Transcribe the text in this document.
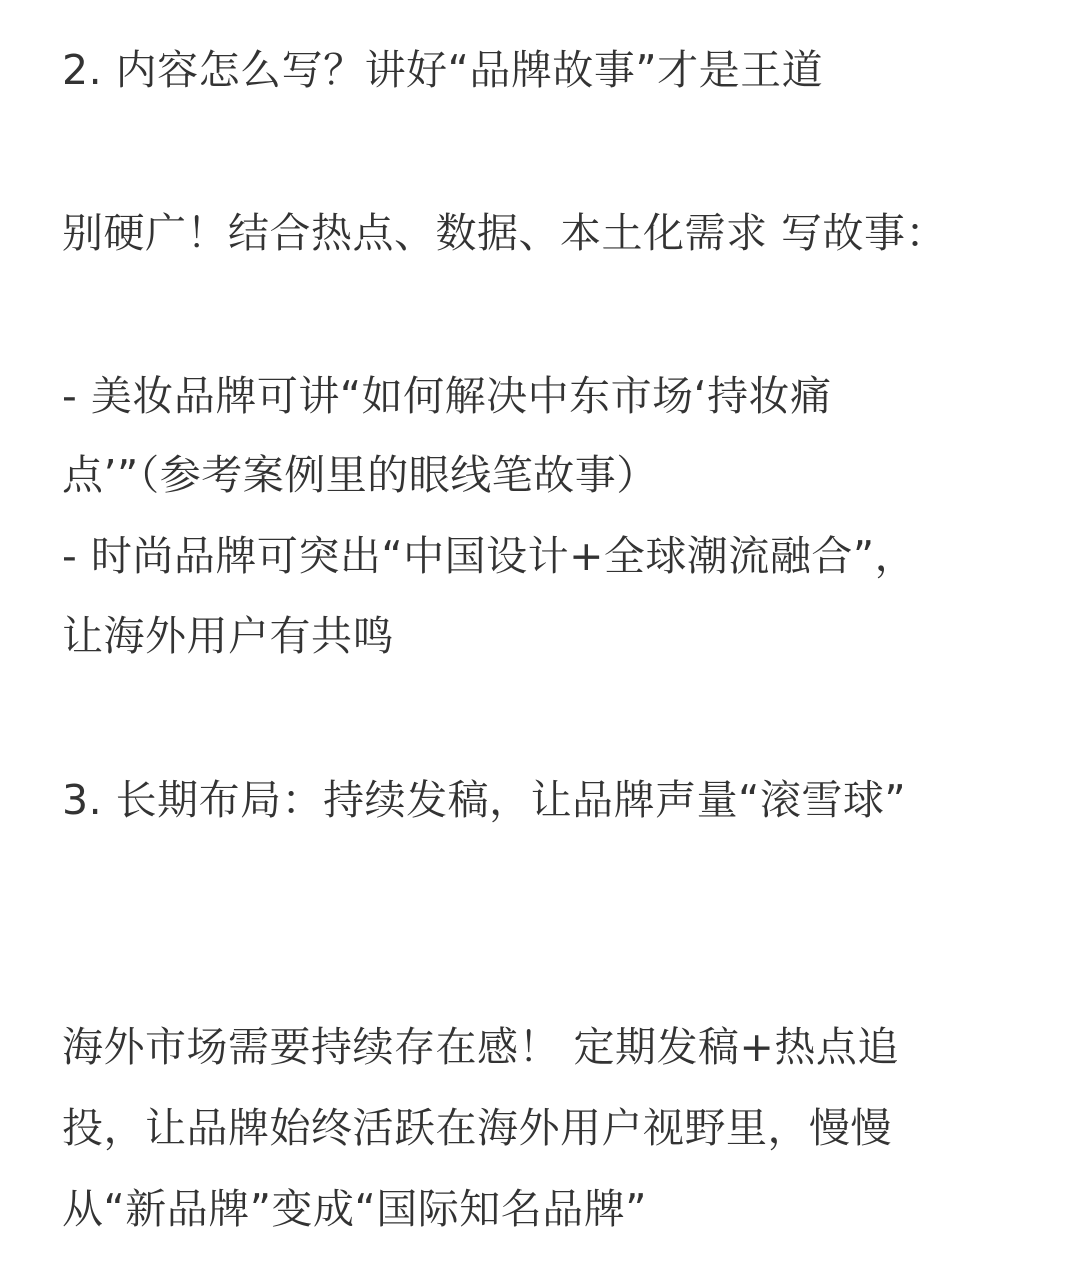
2. 内容怎么写？讲好“品牌故事”才是王道
别硬广！结合热点、数据、本土化需求 写故事：
- 美妆品牌可讲“如何解决中东市场‘持妆痛
点’”（参考案例里的眼线笔故事）
- 时尚品牌可突出“中国设计+全球潮流融合”，
让海外用户有共鸣
3. 长期布局：持续发稿，让品牌声量“滚雪球”
海外市场需要持续存在感！ 定期发稿+热点追
投，让品牌始终活跃在海外用户视野里，慢慢
从“新品牌”变成“国际知名品牌”
